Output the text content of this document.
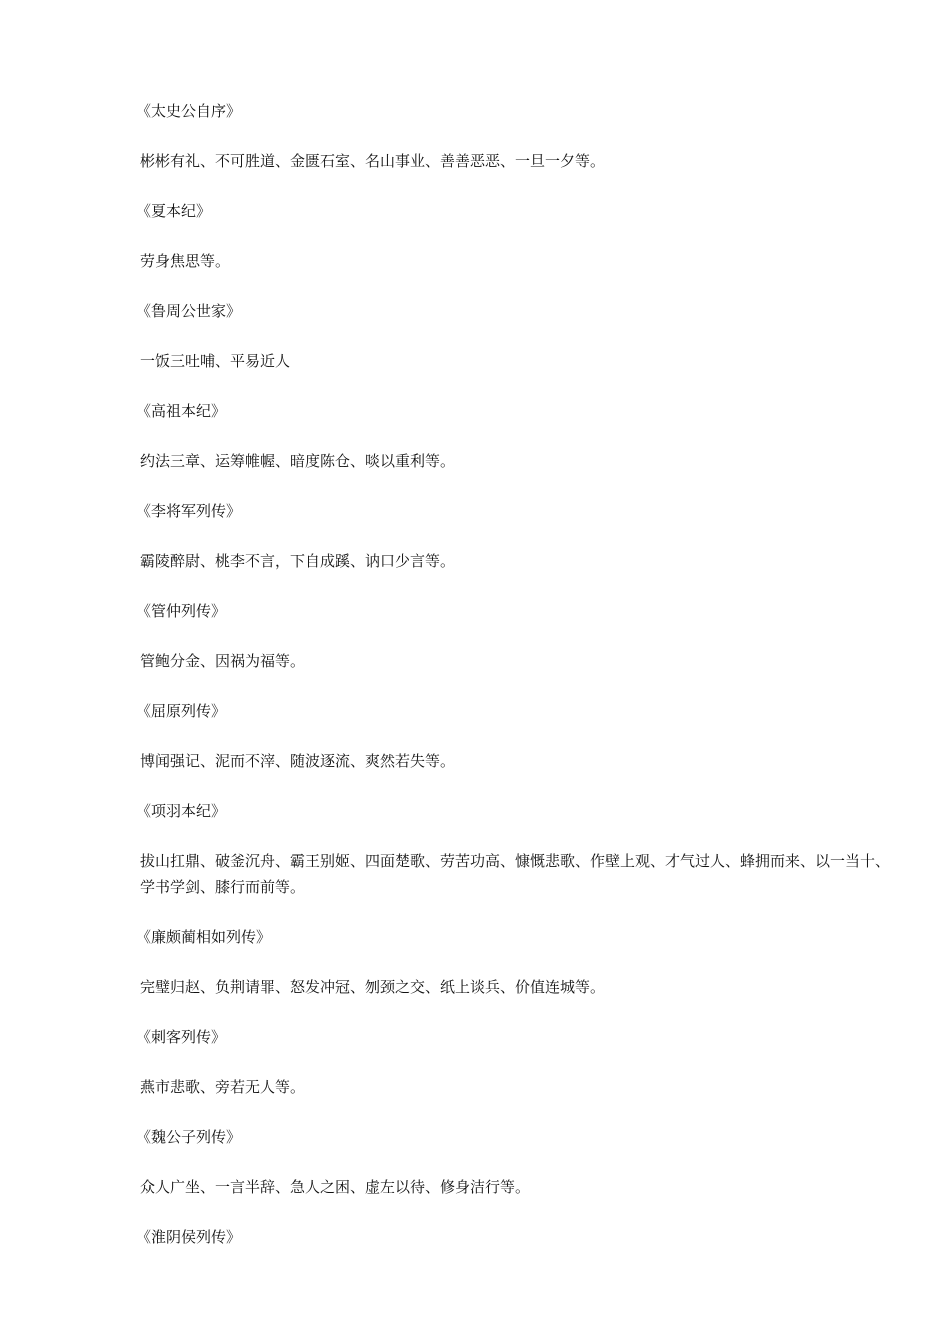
《太史公自序》
彬彬有礼、不可胜道、金匮石室、名山事业、善善恶恶、一旦一夕等。
《夏本纪》
劳身焦思等。
《鲁周公世家》
一饭三吐哺、平易近人
《高祖本纪》
约法三章、运筹帷幄、暗度陈仓、啖以重利等。
《李将军列传》
霸陵醉尉、桃李不言，下自成蹊、讷口少言等。
《管仲列传》
管鲍分金、因祸为福等。
《屈原列传》
博闻强记、泥而不滓、随波逐流、爽然若失等。
《项羽本纪》
拔山扛鼎、破釜沉舟、霸王别姬、四面楚歌、劳苦功高、慷慨悲歌、作壁上观、才气过人、蜂拥而来、以一当十、学书学剑、膝行而前等。
《廉颇蔺相如列传》
完璧归赵、负荆请罪、怒发冲冠、刎颈之交、纸上谈兵、价值连城等。
《刺客列传》
燕市悲歌、旁若无人等。
《魏公子列传》
众人广坐、一言半辞、急人之困、虚左以待、修身洁行等。
《淮阴侯列传》
